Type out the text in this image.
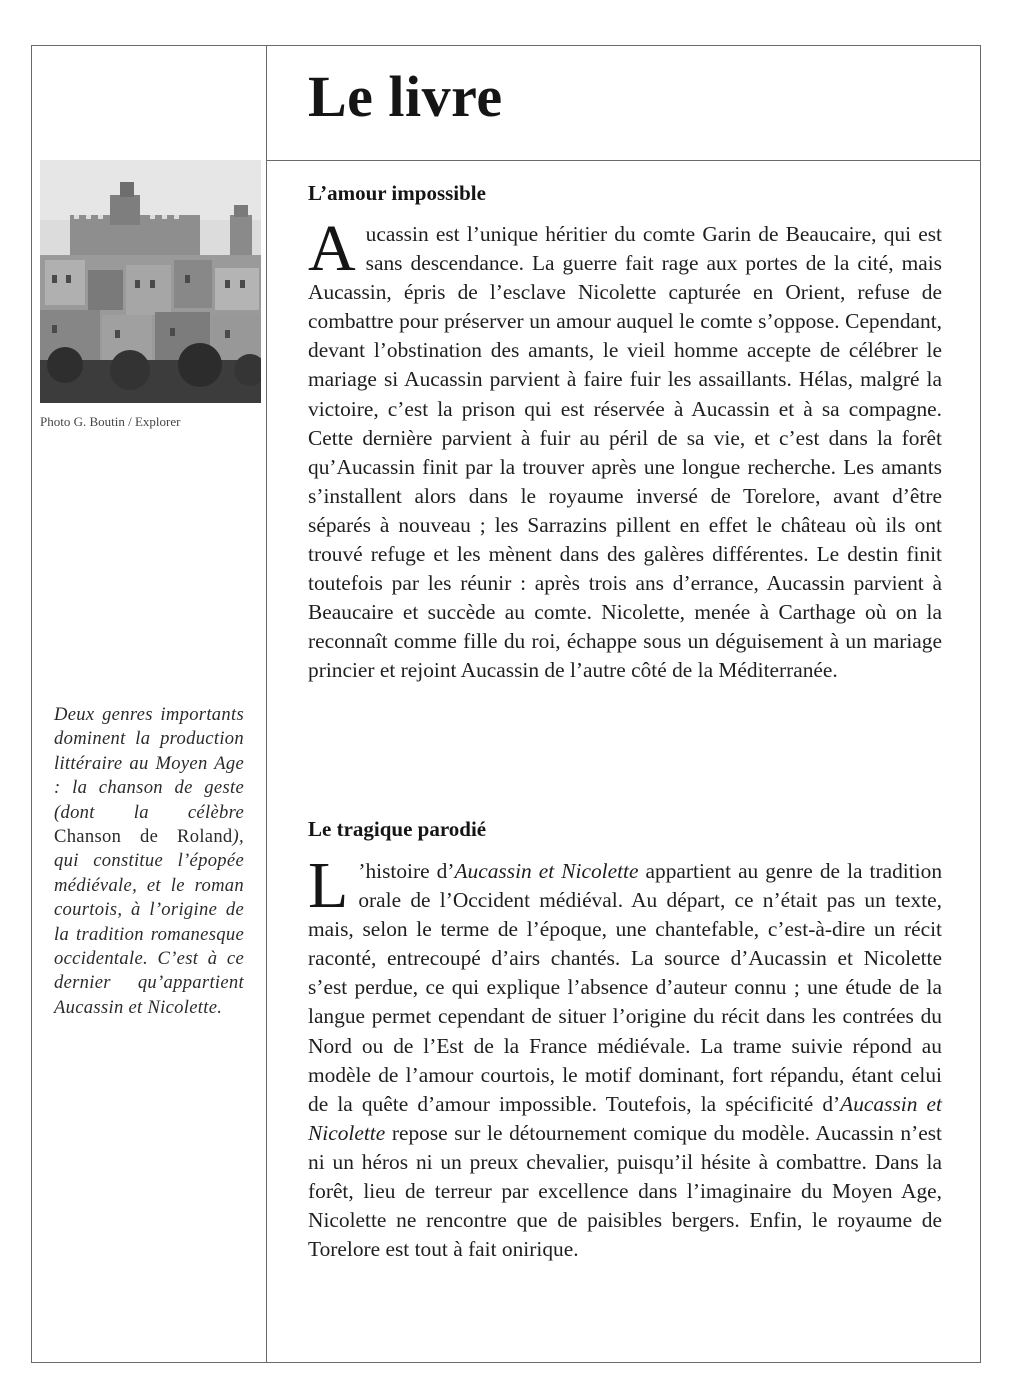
Le livre
Photo G. Boutin / Explorer
Deux genres importants dominent la production littéraire au Moyen Age : la chanson de geste (dont la célèbre Chanson de Roland), qui constitue l’épopée médiévale, et le roman courtois, à l’origine de la tradition romanesque occidentale. C’est à ce dernier qu’appartient Aucassin et Nicolette.
L’amour impossible

Aucassin est l’unique héritier du comte Garin de Beaucaire, qui est sans descendance. La guerre fait rage aux portes de la cité, mais Aucassin, épris de l’esclave Nicolette capturée en Orient, refuse de combattre pour préserver un amour auquel le comte s’oppose. Cependant, devant l’obstination des amants, le vieil homme accepte de célébrer le mariage si Aucassin parvient à faire fuir les assaillants. Hélas, malgré la victoire, c’est la prison qui est réservée à Aucassin et à sa compagne. Cette dernière parvient à fuir au péril de sa vie, et c’est dans la forêt qu’Aucassin finit par la trouver après une longue recherche. Les amants s’installent alors dans le royaume inversé de Torelore, avant d’être séparés à nouveau ; les Sarrazins pillent en effet le château où ils ont trouvé refuge et les mènent dans des galères différentes. Le destin finit toutefois par les réunir : après trois ans d’errance, Aucassin parvient à Beaucaire et succède au comte. Nicolette, menée à Carthage où on la reconnaît comme fille du roi, échappe sous un déguisement à un mariage princier et rejoint Aucassin de l’autre côté de la Méditerranée.

Le tragique parodié

L ’histoire d’Aucassin et Nicolette appartient au genre de la tradition orale de l’Occident médiéval. Au départ, ce n’était pas un texte, mais, selon le terme de l’époque, une chantefable, c’est-à-dire un récit raconté, entrecoupé d’airs chantés. La source d’Aucassin et Nicolette s’est perdue, ce qui explique l’absence d’auteur connu ; une étude de la langue permet cependant de situer l’origine du récit dans les contrées du Nord ou de l’Est de la France médiévale. La trame suivie répond au modèle de l’amour courtois, le motif dominant, fort répandu, étant celui de la quête d’amour impossible. Toutefois, la spécificité d’Aucassin et Nicolette repose sur le détournement comique du modèle. Aucassin n’est ni un héros ni un preux chevalier, puisqu’il hésite à combattre. Dans la forêt, lieu de terreur par excellence dans l’imaginaire du Moyen Age, Nicolette ne rencontre que de paisibles bergers. Enfin, le royaume de Torelore est tout à fait onirique.
